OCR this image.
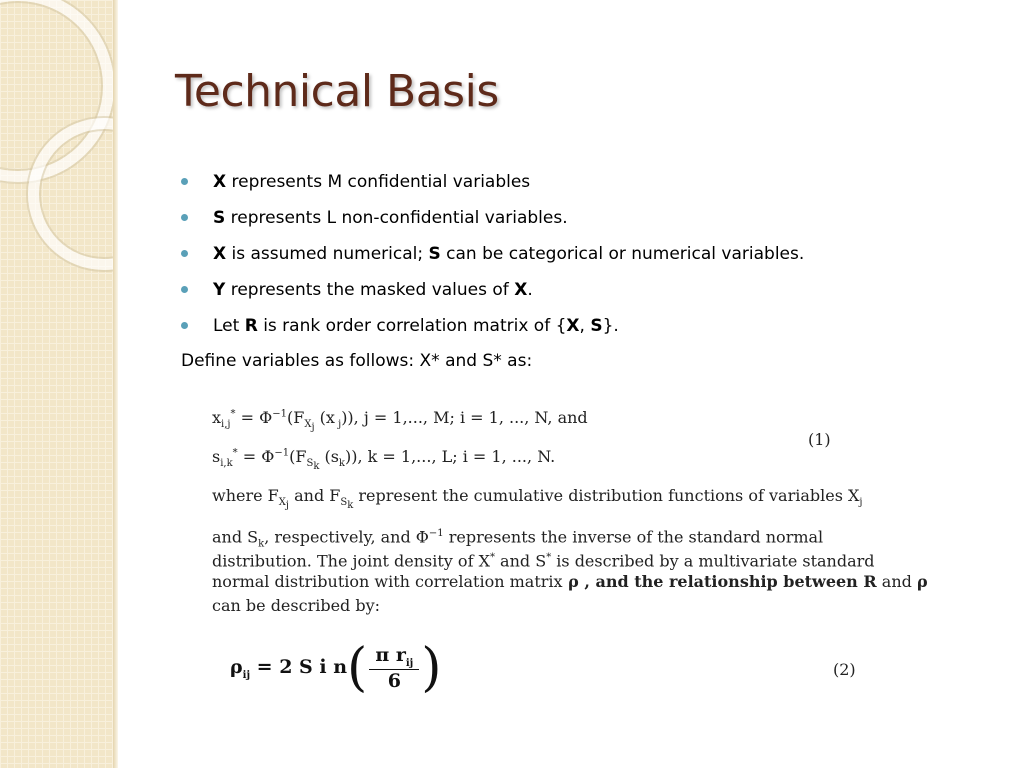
Technical Basis
X represents M confidential variables
S represents L non-confidential variables.
X is assumed numerical; S can be categorical or numerical variables.
Y represents the masked values of X.
Let R is rank order correlation matrix of {X, S}.
Define variables as follows: X* and S* as:
$x_{i,j}^* = \Phi^{-1}(F_{X_j}$ (x $_j$)), j = 1,..., M; i = 1, ..., N, and
$s_{i,k}^* = \Phi^{-1}(F_{S_k}$ $(s_k)$), k = 1,..., L; i = 1, ..., N.
(1)
where $F_{X_j}$ and $F_{S_k}$ represent the cumulative distribution functions of variables $X_j$
and $S_k$, respectively, and $\Phi^{-1}$ represents the inverse of the standard normal
distribution. The joint density of X* and S* is described by a multivariate standard
normal distribution with correlation matrix ρ , and the relationship between R and ρ
can be described by:
$\rho_{ij} = 2$ S i $n( \frac{\pi r_{ij}}{6}$ )	(2)
